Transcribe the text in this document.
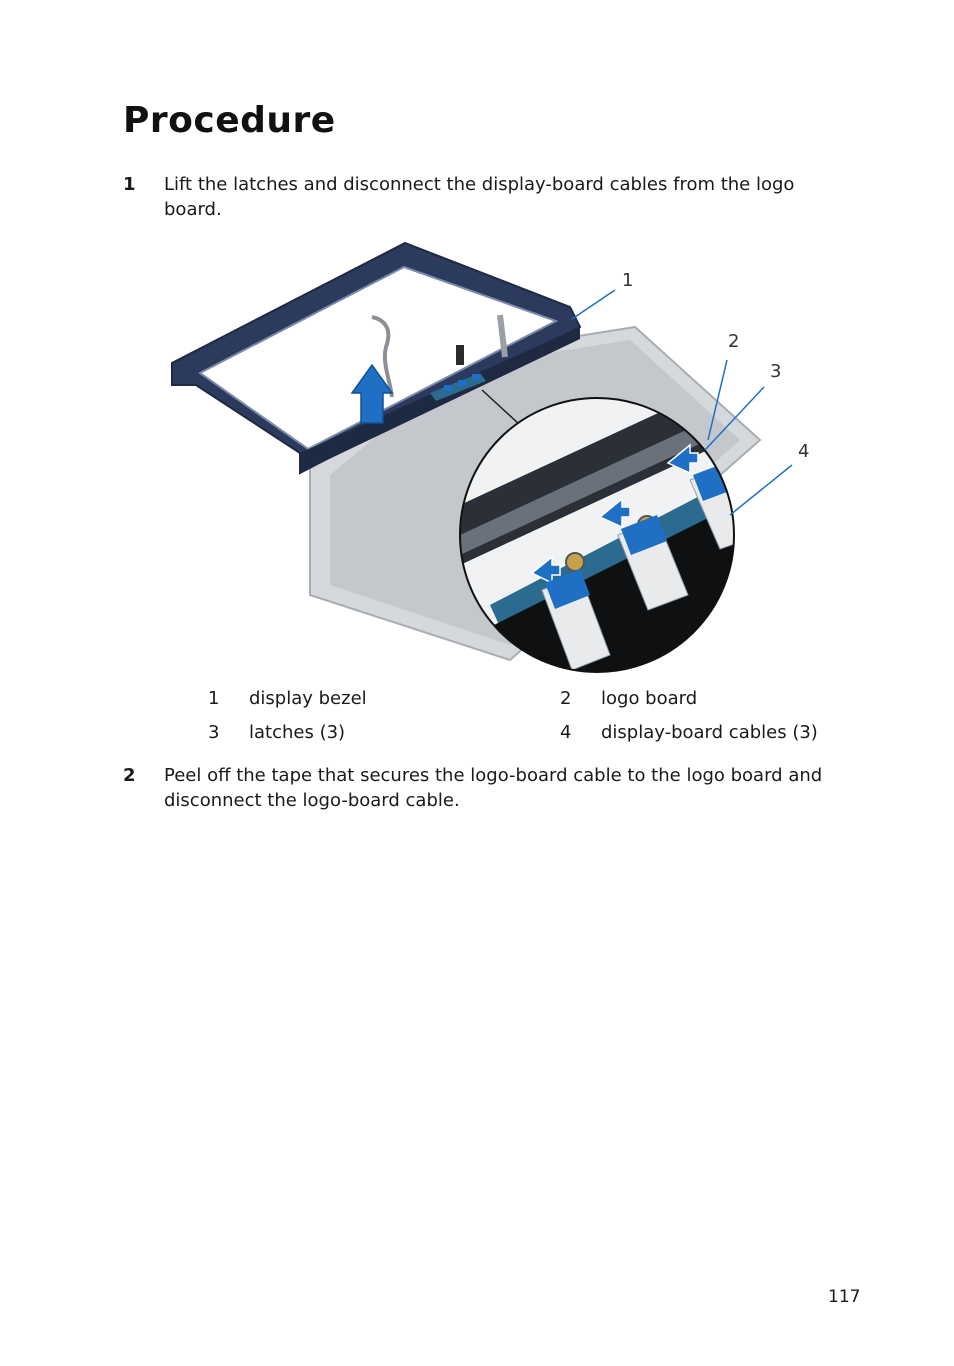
Procedure
1 Lift the latches and disconnect the display-board cables from the logo board.
1
2
3
4
1 display bezel	2 logo board
3 latches (3)	4 display-board cables (3)
2 Peel off the tape that secures the logo-board cable to the logo board and disconnect the logo-board cable.
117
